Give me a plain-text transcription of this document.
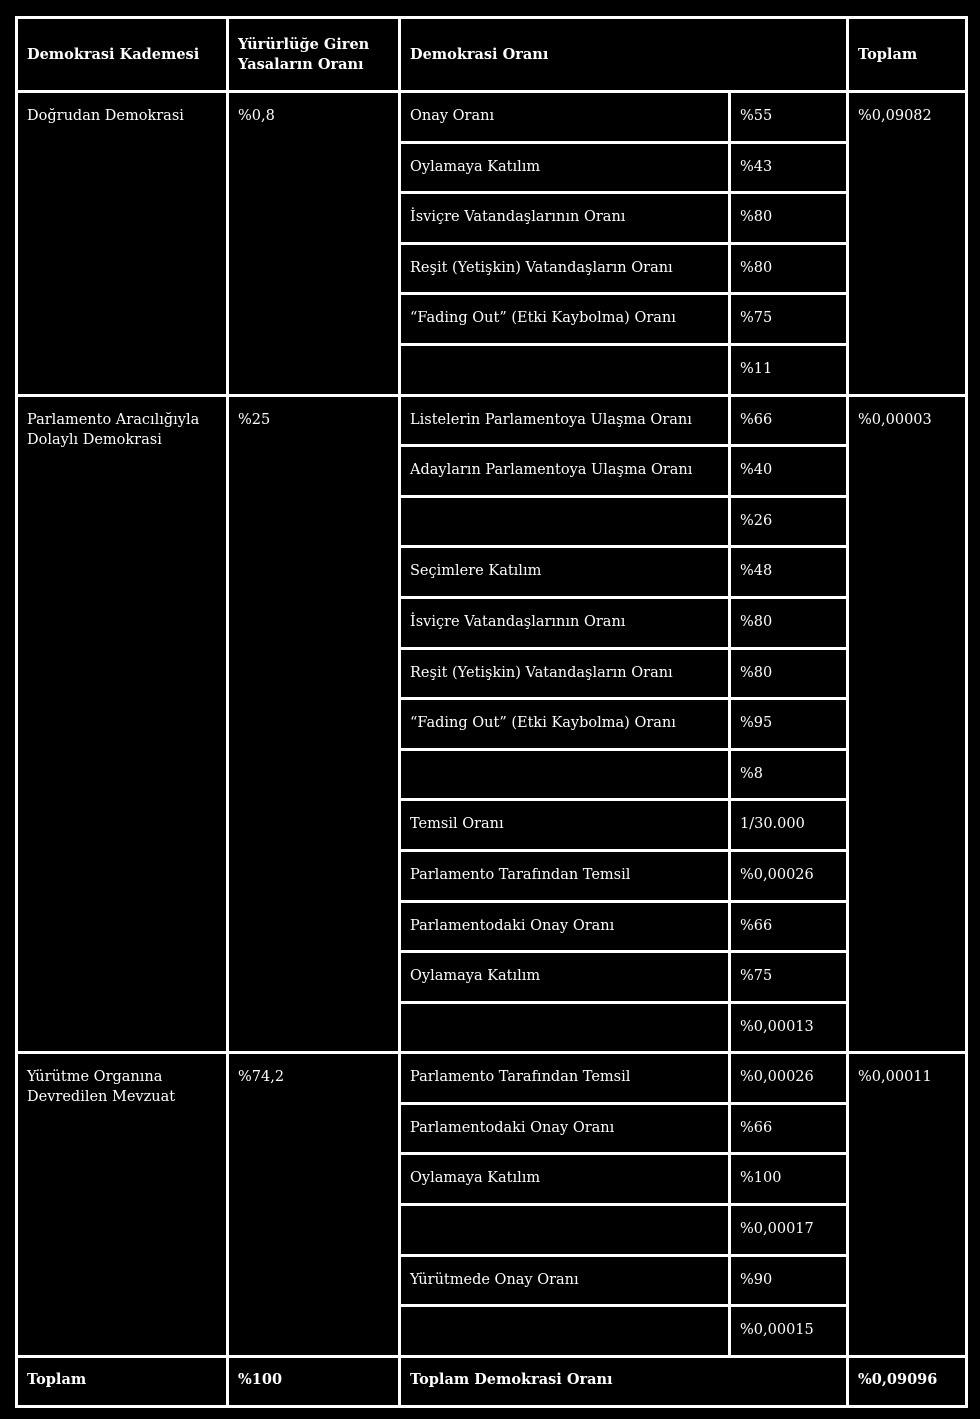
Demokrasi Kademesi	Yürürlüğe Giren Yasaların Oranı	Demokrasi Oranı		Toplam
Doğrudan Demokrasi	%0,8	Onay Oranı	%55	%0,09082
		Oylamaya Katılım	%43	
		İsviçre Vatandaşlarının Oranı	%80	
		Reşit (Yetişkin) Vatandaşların Oranı	%80	
		“Fading Out” (Etki Kaybolma) Oranı	%75	
			%11	
Parlamento Aracılığıyla Dolaylı Demokrasi	%25	Listelerin Parlamentoya Ulaşma Oranı	%66	%0,00003
		Adayların Parlamentoya Ulaşma Oranı	%40	
			%26	
		Seçimlere Katılım	%48	
		İsviçre Vatandaşlarının Oranı	%80	
		Reşit (Yetişkin) Vatandaşların Oranı	%80	
		“Fading Out” (Etki Kaybolma) Oranı	%95	
			%8	
		Temsil Oranı	1/30.000	
		Parlamento Tarafından Temsil	%0,00026	
		Parlamentodaki Onay Oranı	%66	
		Oylamaya Katılım	%75	
			%0,00013	
Yürütme Organına Devredilen Mevzuat	%74,2	Parlamento Tarafından Temsil	%0,00026	%0,00011
		Parlamentodaki Onay Oranı	%66	
		Oylamaya Katılım	%100	
			%0,00017	
		Yürütmede Onay Oranı	%90	
			%0,00015	
Toplam	%100	Toplam Demokrasi Oranı		%0,09096
